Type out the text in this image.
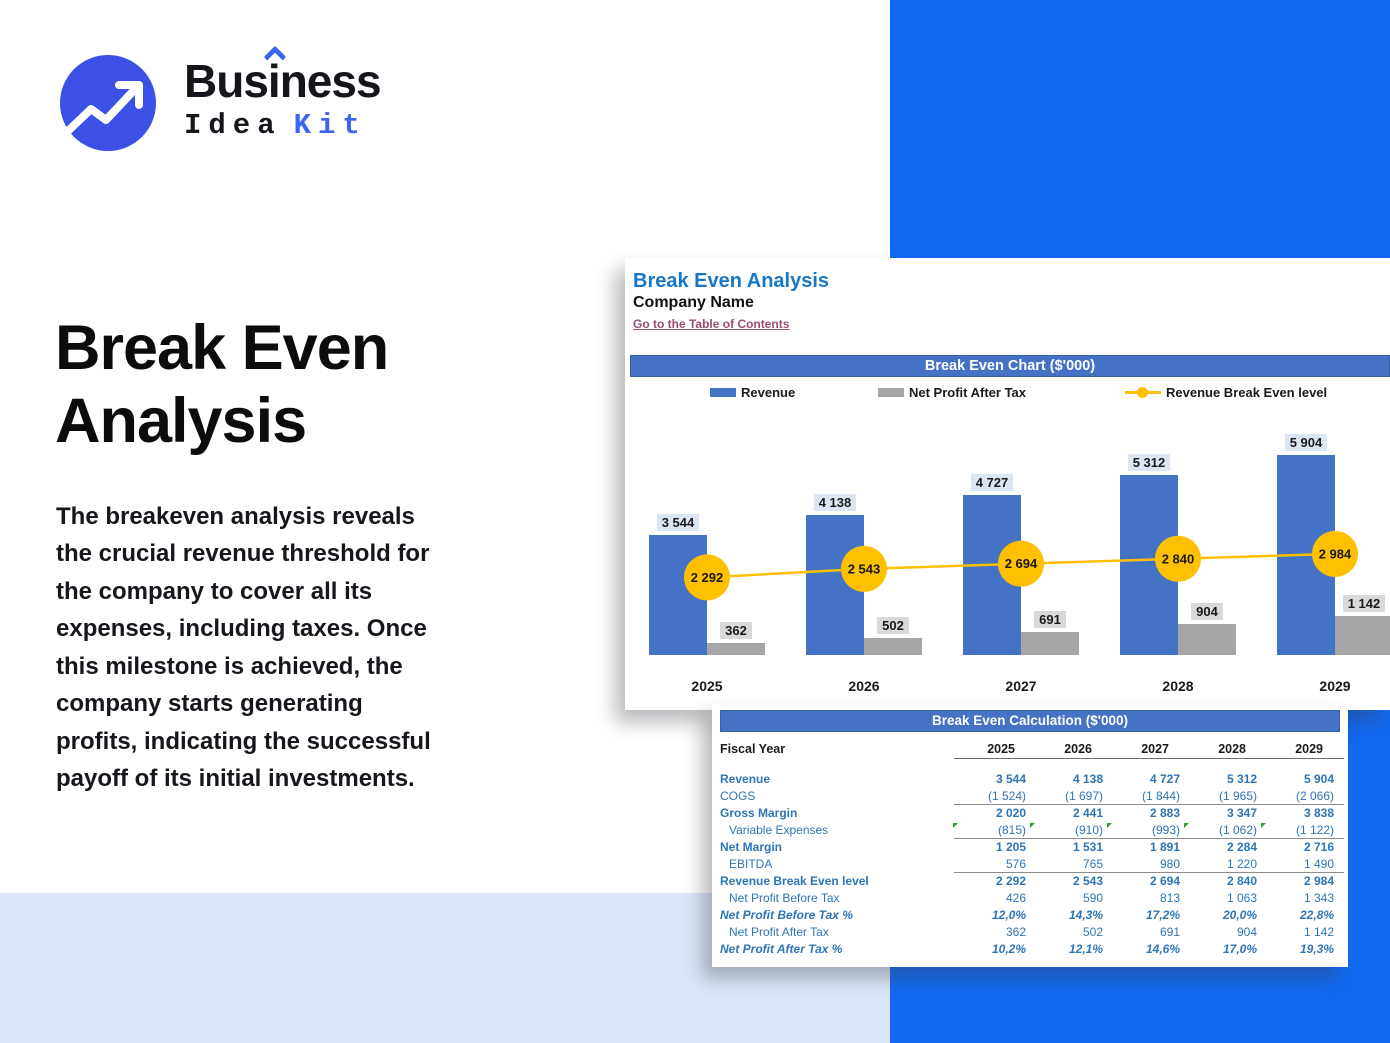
Busi
ness
Idea Kit
Break Even
Analysis

The breakeven analysis reveals
the crucial revenue threshold for
the company to cover all its
expenses, including taxes. Once
this milestone is achieved, the
company starts generating
profits, indicating the successful
payoff of its initial investments.

Break Even Analysis
Company Name
Go to the Table of Contents
Break Even Chart ($'000)
Revenue	Net Profit After Tax	Revenue Break Even level
3 544
362
2025
4 138
502
2026
4 727
691
2027
5 312
904
2028
5 904
1 142
2029
2 292
2 543	2 694	2 840	2 984
Break Even Calculation ($'000)
Fiscal Year	2025	2026	2027	2028	2029
Revenue	3 544	4 138	4 727	5 312	5 904
COGS	(1 524)	(1 697)	(1 844)	(1 965)	(2 066)
Gross Margin	2 020	2 441	2 883	3 347	3 838
Variable Expenses	(815)	(910)	(993)	(1 062)	(1 122)
Net Margin	1 205	1 531	1 891	2 284	2 716
EBITDA	576	765	980	1 220	1 490
Revenue Break Even level	2 292	2 543	2 694	2 840	2 984
Net Profit Before Tax	426	590	813	1 063	1 343
Net Profit Before Tax %	12,0%	14,3%	17,2%	20,0%	22,8%
Net Profit After Tax	362	502	691	904	1 142
Net Profit After Tax %	10,2%	12,1%	14,6%	17,0%	19,3%
